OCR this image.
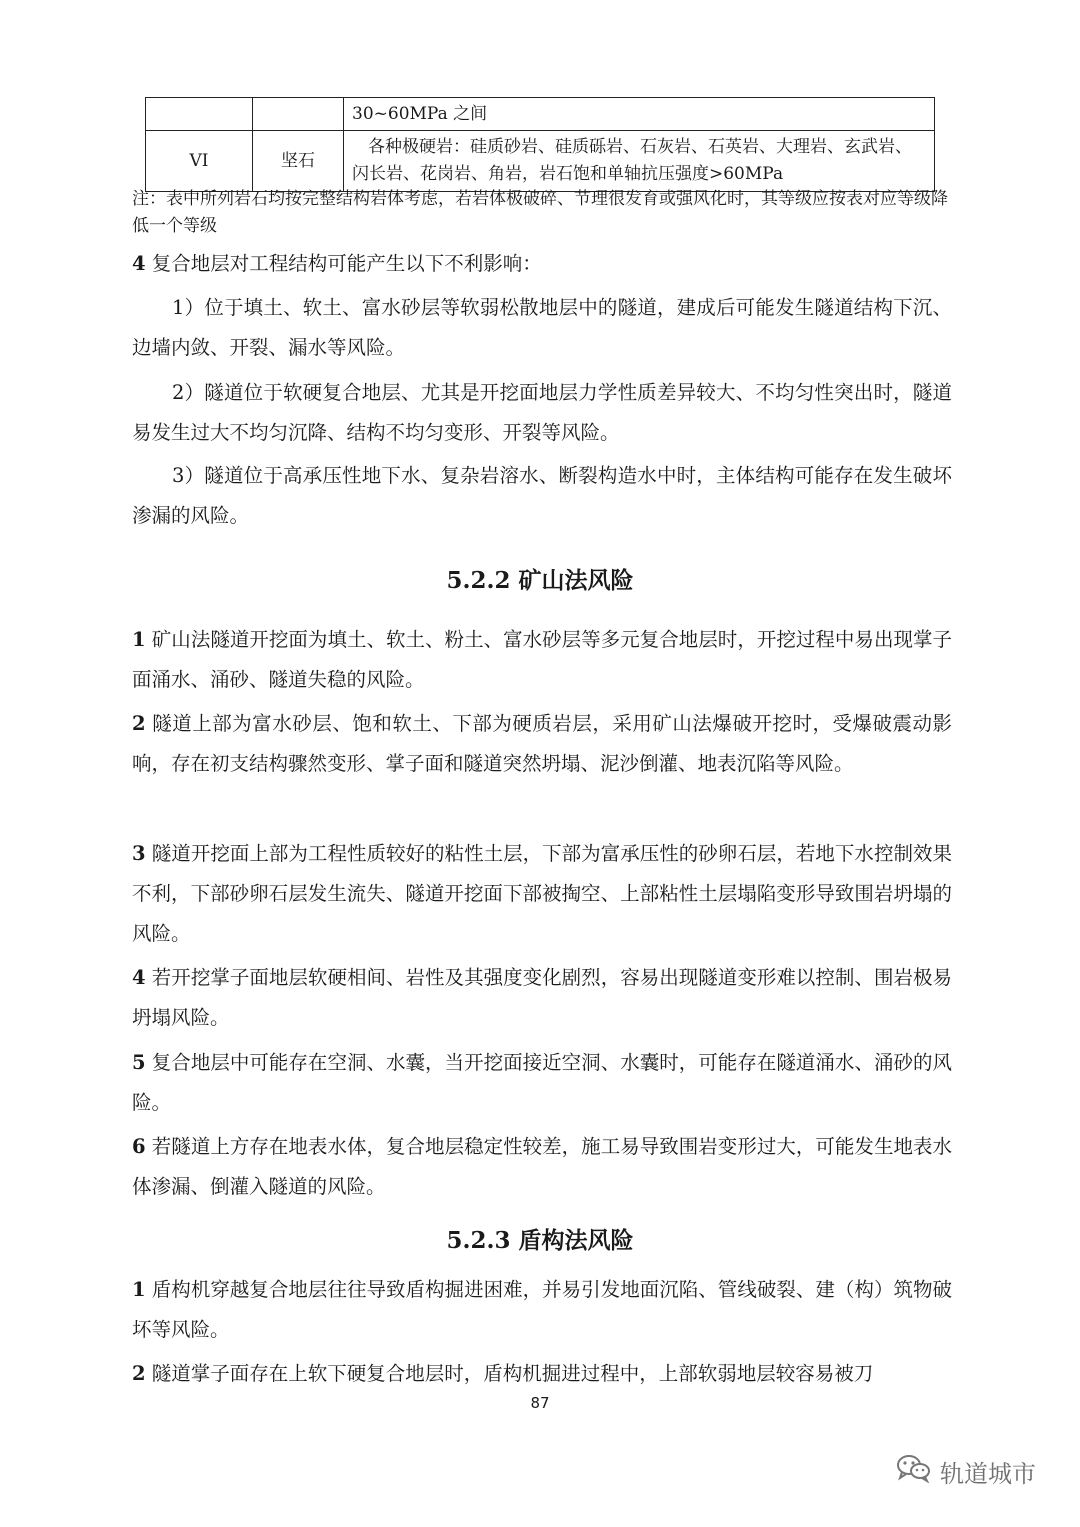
		30~60MPa 之间
VI	坚石	各种极硬岩：硅质砂岩、硅质砾岩、石灰岩、石英岩、大理岩、玄武岩、闪长岩、花岗岩、角岩，岩石饱和单轴抗压强度>60MPa
注：表中所列岩石均按完整结构岩体考虑，若岩体极破碎、节理很发育或强风化时，其等级应按表对应等级降低一个等级
4 复合地层对工程结构可能产生以下不利影响：
1）位于填土、软土、富水砂层等软弱松散地层中的隧道，建成后可能发生隧道结构下沉、边墙内敛、开裂、漏水等风险。
2）隧道位于软硬复合地层、尤其是开挖面地层力学性质差异较大、不均匀性突出时，隧道易发生过大不均匀沉降、结构不均匀变形、开裂等风险。
3）隧道位于高承压性地下水、复杂岩溶水、断裂构造水中时，主体结构可能存在发生破坏渗漏的风险。
5.2.2 矿山法风险
1 矿山法隧道开挖面为填土、软土、粉土、富水砂层等多元复合地层时，开挖过程中易出现掌子面涌水、涌砂、隧道失稳的风险。
2 隧道上部为富水砂层、饱和软土、下部为硬质岩层，采用矿山法爆破开挖时，受爆破震动影响，存在初支结构骤然变形、掌子面和隧道突然坍塌、泥沙倒灌、地表沉陷等风险。
3 隧道开挖面上部为工程性质较好的粘性土层，下部为富承压性的砂卵石层，若地下水控制效果不利，下部砂卵石层发生流失、隧道开挖面下部被掏空、上部粘性土层塌陷变形导致围岩坍塌的风险。
4 若开挖掌子面地层软硬相间、岩性及其强度变化剧烈，容易出现隧道变形难以控制、围岩极易坍塌风险。
5 复合地层中可能存在空洞、水囊，当开挖面接近空洞、水囊时，可能存在隧道涌水、涌砂的风险。
6 若隧道上方存在地表水体，复合地层稳定性较差，施工易导致围岩变形过大，可能发生地表水体渗漏、倒灌入隧道的风险。
5.2.3 盾构法风险
1 盾构机穿越复合地层往往导致盾构掘进困难，并易引发地面沉陷、管线破裂、建（构）筑物破坏等风险。
2 隧道掌子面存在上软下硬复合地层时，盾构机掘进过程中，上部软弱地层较容易被刀
87
轨道城市
